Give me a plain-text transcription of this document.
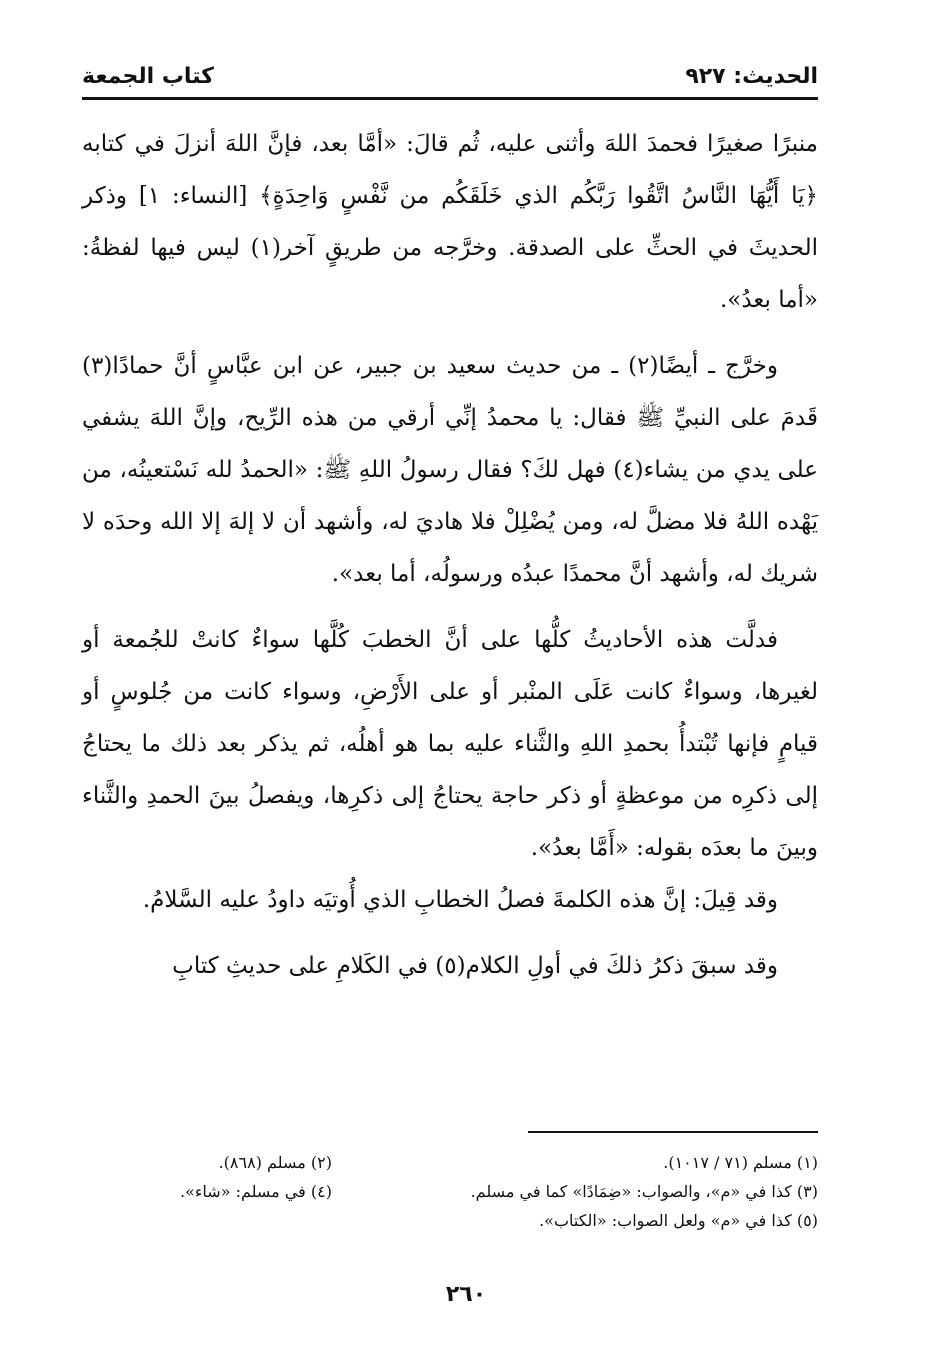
الحديث: ٩٢٧
كتاب الجمعة

منبرًا صغيرًا فحمدَ اللهَ وأثنى عليه، ثُم قالَ: «أمَّا بعد، فإنَّ اللهَ أنزلَ في كتابه ﴿يَا أَيُّهَا النَّاسُ اتَّقُوا رَبَّكُم الذي خَلَقَكُم من نَّفْسٍ وَاحِدَةٍ﴾ [النساء: ١] وذكر الحديثَ في الحثِّ على الصدقة. وخرَّجه من طريقٍ آخر(١) ليس فيها لفظةُ: «أما بعدُ».

وخرَّج ـ أيضًا(٢) ـ من حديث سعيد بن جبير، عن ابن عبَّاسٍ أنَّ حمادًا(٣) قَدمَ على النبيِّ ﷺ فقال: يا محمدُ إنِّي أرقي من هذه الرِّيح، وإنَّ اللهَ يشفي على يدي من يشاء(٤) فهل لكَ؟ فقال رسولُ اللهِ ﷺ: «الحمدُ لله نَسْتعينُه، من يَهْده اللهُ فلا مضلَّ له، ومن يُضْلِلْ فلا هاديَ له، وأشهد أن لا إلهَ إلا الله وحدَه لا شريك له، وأشهد أنَّ محمدًا عبدُه ورسولُه، أما بعد».

فدلَّت هذه الأحاديثُ كلُّها على أنَّ الخطبَ كُلَّها سواءٌ كانتْ للجُمعة أو لغيرها، وسواءٌ كانت عَلَى المنْبر أو على الأَرْضِ، وسواء كانت من جُلوسٍ أو قيامٍ فإنها تُبْتدأُ بحمدِ اللهِ والثَّناء عليه بما هو أهلُه، ثم يذكر بعد ذلك ما يحتاجُ إلى ذكرِه من موعظةٍ أو ذكر حاجة يحتاجُ إلى ذكرِها، ويفصلُ بينَ الحمدِ والثَّناء وبينَ ما بعدَه بقوله: «أَمَّا بعدُ».

وقد قِيلَ: إنَّ هذه الكلمةَ فصلُ الخطابِ الذي أُوتيَه داودُ عليه السَّلامُ.

وقد سبقَ ذكرُ ذلكَ في أولِ الكلام(٥) في الكَلامِ على حديثِ كتابِ

(١) مسلم (٧١ / ١٠١٧).
(٢) مسلم (٨٦٨).
(٣) كذا في «م»، والصواب: «ضِمَادًا» كما في مسلم.
(٤) في مسلم: «شاء».
(٥) كذا في «م» ولعل الصواب: «الكتاب».
٢٦٠
